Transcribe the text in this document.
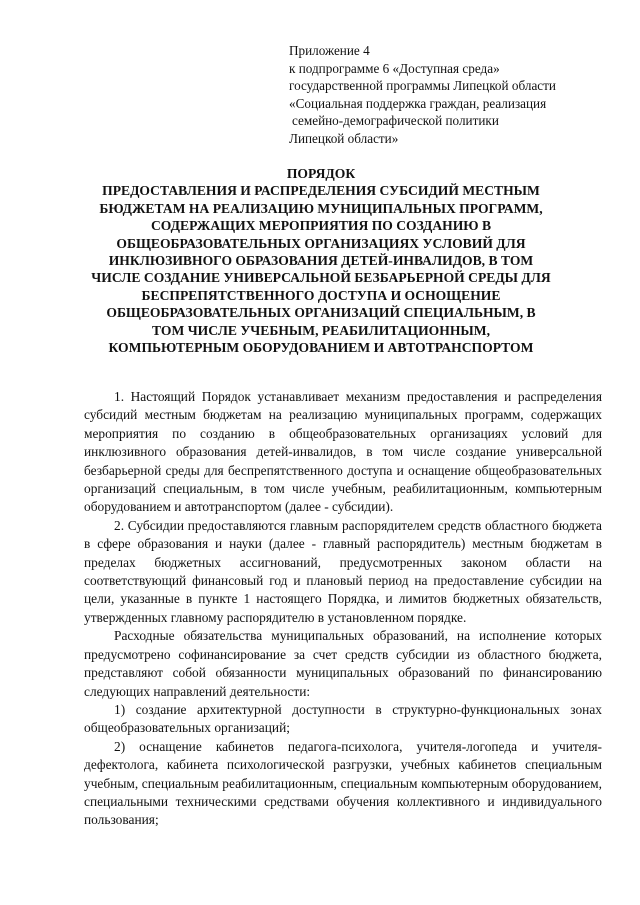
Приложение 4
к подпрограмме 6 «Доступная среда»
государственной программы Липецкой области
«Социальная поддержка граждан, реализация
семейно-демографической политики
Липецкой области»
ПОРЯДОК
ПРЕДОСТАВЛЕНИЯ И РАСПРЕДЕЛЕНИЯ СУБСИДИЙ МЕСТНЫМ
БЮДЖЕТАМ НА РЕАЛИЗАЦИЮ МУНИЦИПАЛЬНЫХ ПРОГРАММ,
СОДЕРЖАЩИХ МЕРОПРИЯТИЯ ПО СОЗДАНИЮ В
ОБЩЕОБРАЗОВАТЕЛЬНЫХ ОРГАНИЗАЦИЯХ УСЛОВИЙ ДЛЯ
ИНКЛЮЗИВНОГО ОБРАЗОВАНИЯ ДЕТЕЙ-ИНВАЛИДОВ, В ТОМ
ЧИСЛЕ СОЗДАНИЕ УНИВЕРСАЛЬНОЙ БЕЗБАРЬЕРНОЙ СРЕДЫ ДЛЯ
БЕСПРЕПЯТСТВЕННОГО ДОСТУПА И ОСНОЩЕНИЕ
ОБЩЕОБРАЗОВАТЕЛЬНЫХ ОРГАНИЗАЦИЙ СПЕЦИАЛЬНЫМ, В
ТОМ ЧИСЛЕ УЧЕБНЫМ, РЕАБИЛИТАЦИОННЫМ,
КОМПЬЮТЕРНЫМ ОБОРУДОВАНИЕМ И АВТОТРАНСПОРТОМ

1. Настоящий Порядок устанавливает механизм предоставления и распределения субсидий местным бюджетам на реализацию муниципальных программ, содержащих мероприятия по созданию в общеобразовательных организациях условий для инклюзивного образования детей-инвалидов, в том числе создание универсальной безбарьерной среды для беспрепятственного доступа и оснащение общеобразовательных организаций специальным, в том числе учебным, реабилитационным, компьютерным оборудованием и автотранспортом (далее - субсидии).

2. Субсидии предоставляются главным распорядителем средств областного бюджета в сфере образования и науки (далее - главный распорядитель) местным бюджетам в пределах бюджетных ассигнований, предусмотренных законом области на соответствующий финансовый год и плановый период на предоставление субсидии на цели, указанные в пункте 1 настоящего Порядка, и лимитов бюджетных обязательств, утвержденных главному распорядителю в установленном порядке.

Расходные обязательства муниципальных образований, на исполнение которых предусмотрено софинансирование за счет средств субсидии из областного бюджета, представляют собой обязанности муниципальных образований по финансированию следующих направлений деятельности:

1) создание архитектурной доступности в структурно-функциональных зонах общеобразовательных организаций;

2) оснащение кабинетов педагога-психолога, учителя-логопеда и учителя-дефектолога, кабинета психологической разгрузки, учебных кабинетов специальным учебным, специальным реабилитационным, специальным компьютерным оборудованием, специальными техническими средствами обучения коллективного и индивидуального пользования;
